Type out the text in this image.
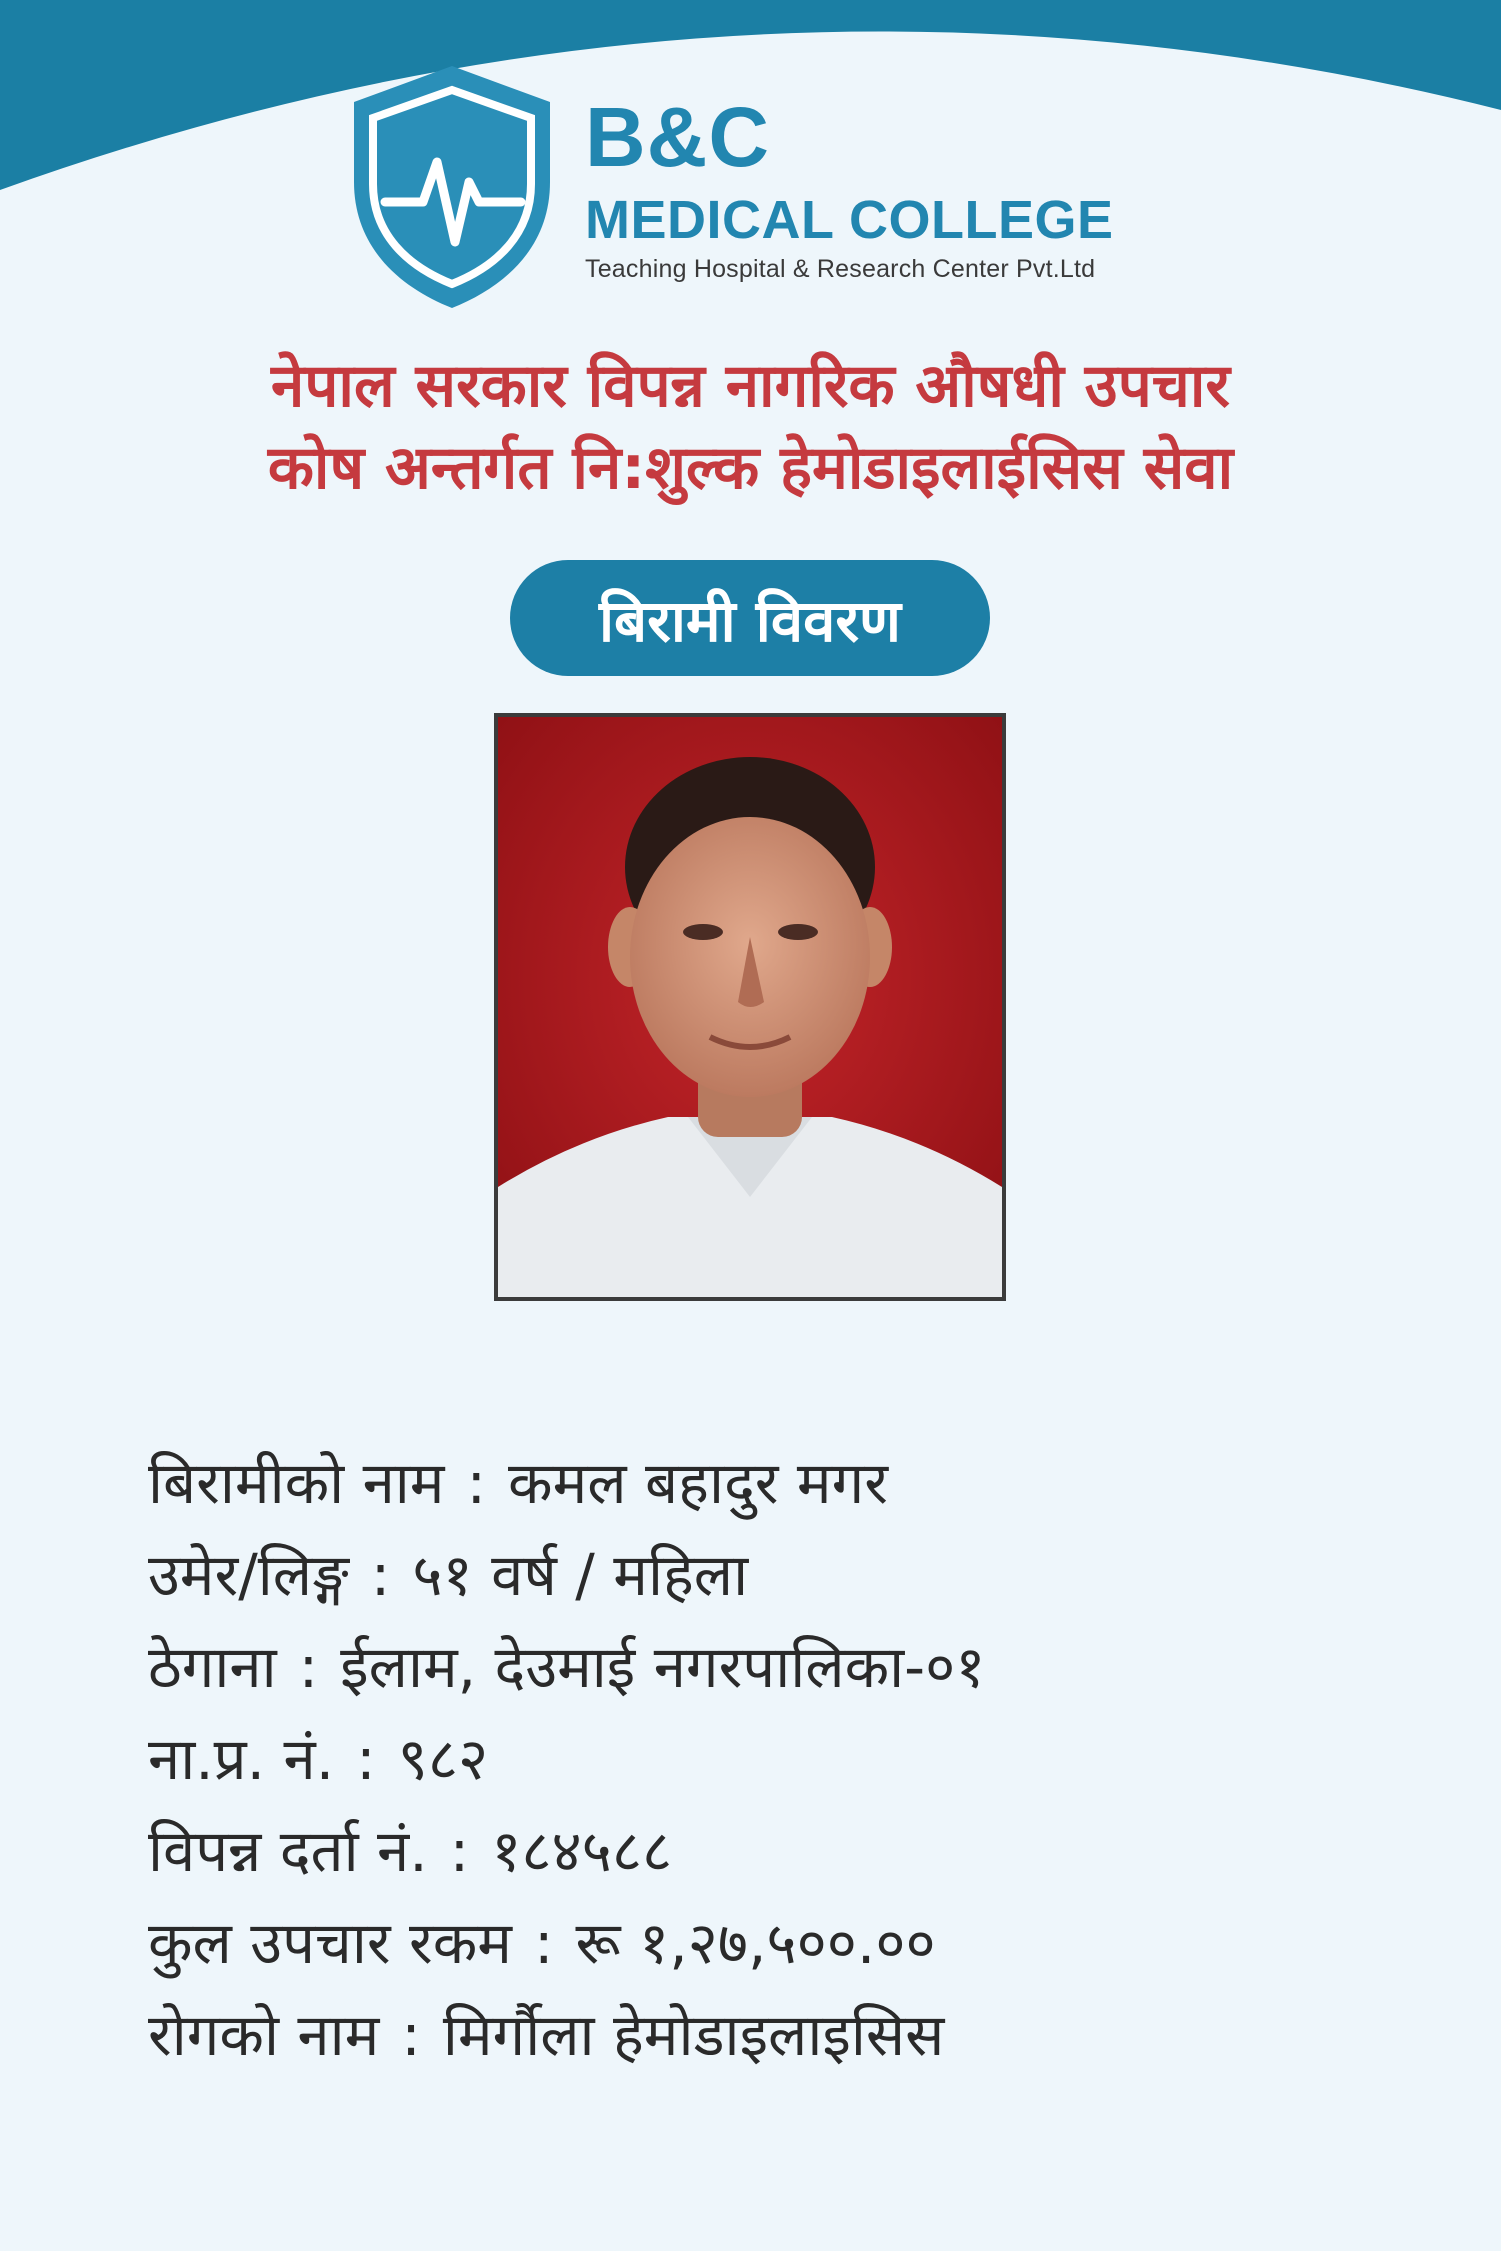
B&C
MEDICAL COLLEGE
Teaching Hospital & Research Center Pvt.Ltd
नेपाल सरकार विपन्न नागरिक औषधी उपचार
कोष अन्तर्गत नि:शुल्क हेमोडाइलाईसिस सेवा
बिरामी विवरण
बिरामीको नाम : कमल बहादुर मगर
उमेर/लिङ्ग : ५१ वर्ष / महिला
ठेगाना : ईलाम, देउमाई नगरपालिका-०१
ना.प्र. नं. : ९८२
विपन्न दर्ता नं. : १८४५८८
कुल उपचार रकम : रू १,२७,५००.००
रोगको नाम : मिर्गौला हेमोडाइलाइसिस
